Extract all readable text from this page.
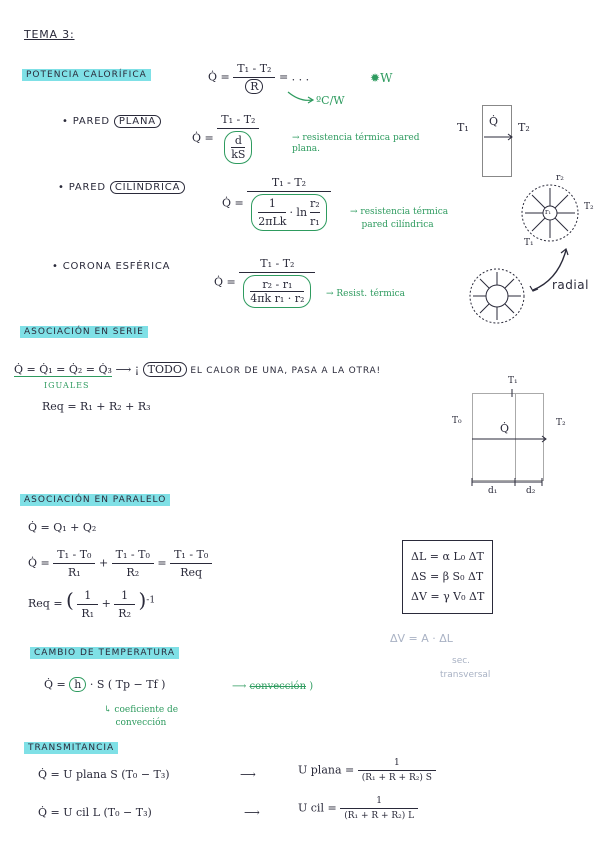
TEMA 3:
POTENCIA CALORÍFICA	Q̇ = $\frac{\text{T₁ - T₂}}{R}$ = . . .	✹W
ºC/W
• PARED PLANA
Q̇ = $\frac{\text{T₁ - T₂}}{\frac{d}{kS}}$	→ resistencia térmica pared plana.
T₁ Q̇ T₂
• PARED CILÍNDRICA
Q̇ = $\frac{\text{T₁ - T₂}}{\frac{1}{\text{2πLk}} \cdot \ln \frac{\text{r₂}}{\text{r₁}}}$ → resistencia térmica
pared cilíndrica
r₂
T₂
T₁
r₁
• CORONA ESFÉRICA
Q̇ = $\frac{\text{T₁ - T₂}}{\frac{\text{r₂ - r₁}}{\text{4πk r₁ · r₂}}}$ → Resist. térmica
radial
ASOCIACIÓN EN SERIE
Q̇ = Q̇₁ = Q̇₂ = Q̇₃ ⟶ ¡ TODO EL CALOR DE UNA, PASA A LA OTRA!
IGUALES
Req = R₁ + R₂ + R₃
T₁
T₀
Q̇	T₂
d₁	d₂
ASOCIACIÓN EN PARALELO
Q̇ = Q₁ + Q₂
Q̇ = $\frac{\text{T₁ - T₀}}{\text{R₁}} + \frac{\text{T₁ - T₀}}{\text{R₂}} = \frac{\text{T₁ - T₀}}{\text{Req}}$
Req = ( $\frac{1}{\text{R₁}} + \frac{1}{\text{R₂}} )^{-1}$
ΔL = α L₀ ΔT
ΔS = β S₀ ΔT
ΔV = γ V₀ ΔT
ΔV = A · ΔL
sec.
transversal
CAMBIO DE TEMPERATURA
Q̇ = h · S ( Tp − Tf )	⟶ convección )
↳ coeficiente de
convección
TRANSMITANCIA
Q̇ = U plana S (T₀ − T₃)	⟶	U plana = $\frac{1}{\text{(R₁ + R + R₂) S}}$
Q̇ = U cil L (T₀ − T₃)	⟶	U cil = $\frac{1}{\text{(R₁ + R + R₂) L}}$
